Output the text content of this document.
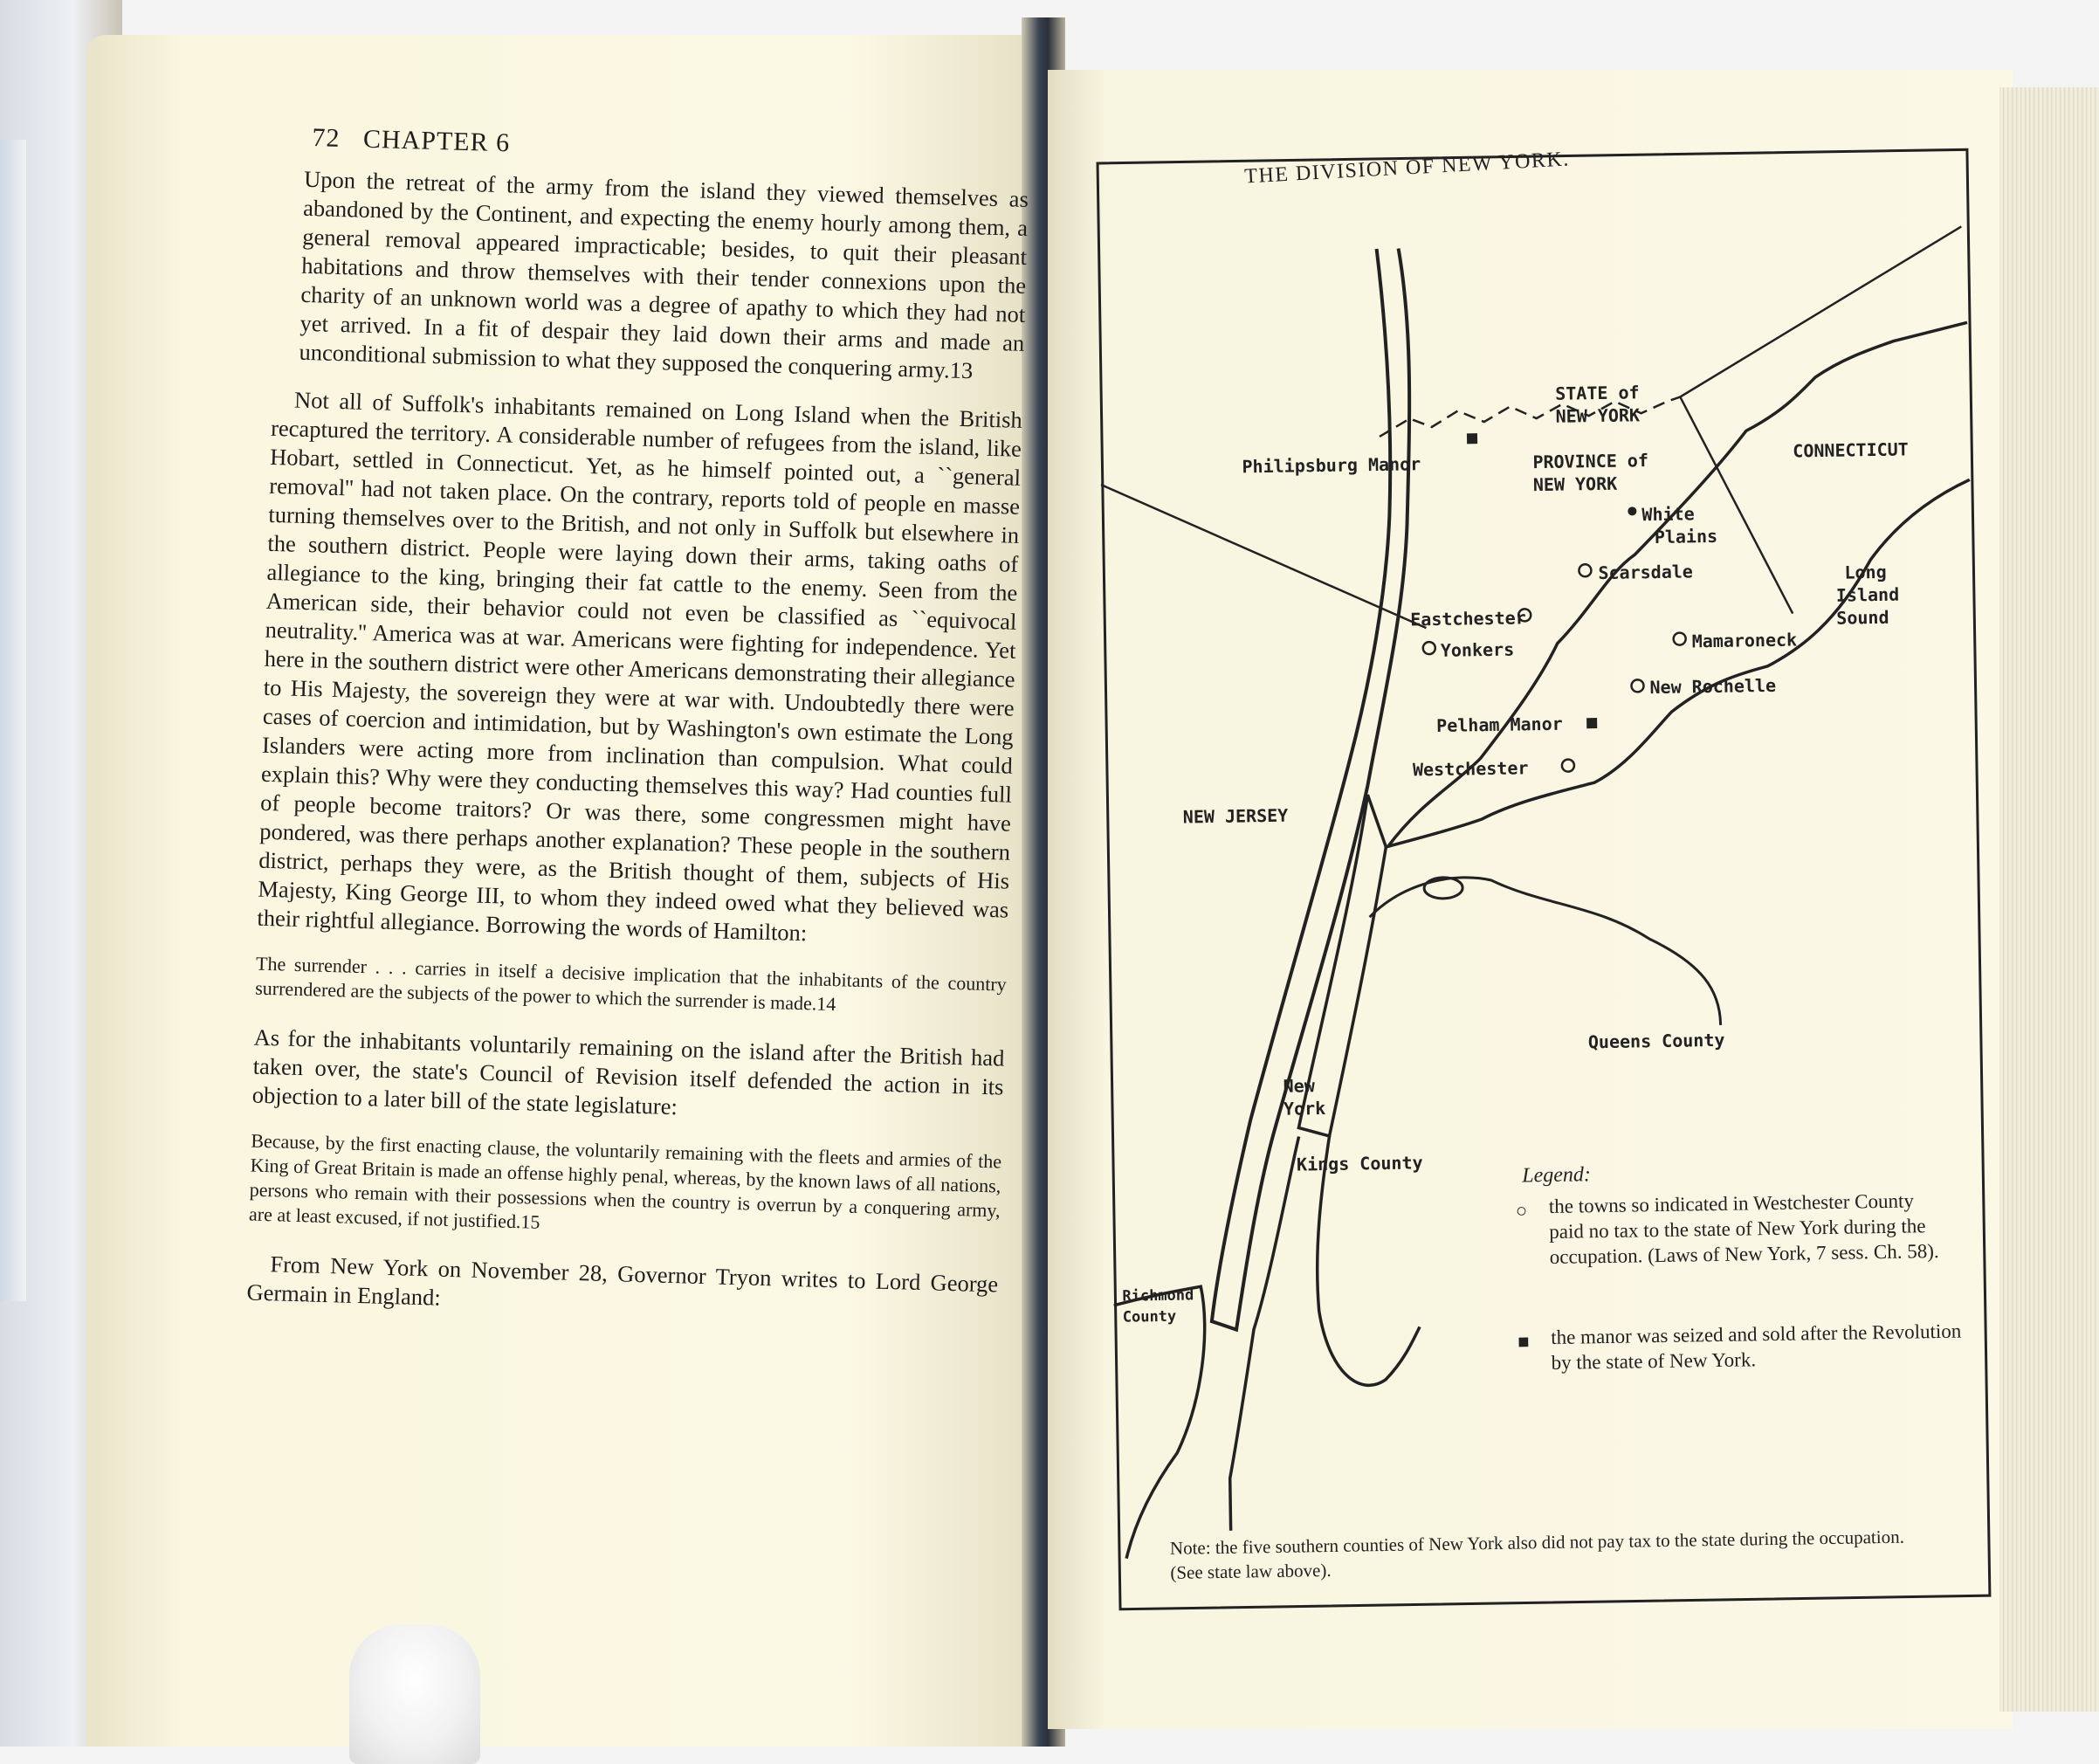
72 CHAPTER 6

Upon the retreat of the army from the island they viewed themselves as abandoned by the Continent, and expecting the enemy hourly among them, a general removal appeared impracticable; besides, to quit their pleasant habitations and throw themselves with their tender connexions upon the charity of an unknown world was a degree of apathy to which they had not yet arrived. In a fit of despair they laid down their arms and made an unconditional submission to what they supposed the conquering army.13

Not all of Suffolk's inhabitants remained on Long Island when the British recaptured the territory. A considerable number of refugees from the island, like Hobart, settled in Connecticut. Yet, as he himself pointed out, a ``general removal'' had not taken place. On the contrary, reports told of people en masse turning themselves over to the British, and not only in Suffolk but elsewhere in the southern district. People were laying down their arms, taking oaths of allegiance to the king, bringing their fat cattle to the enemy. Seen from the American side, their behavior could not even be classified as ``equivocal neutrality.'' America was at war. Americans were fighting for independence. Yet here in the southern district were other Americans demonstrating their allegiance to His Majesty, the sovereign they were at war with. Undoubtedly there were cases of coercion and intimidation, but by Washington's own estimate the Long Islanders were acting more from inclination than compulsion. What could explain this? Why were they conducting themselves this way? Had counties full of people become traitors? Or was there, some congressmen might have pondered, was there perhaps another explanation? These people in the southern district, perhaps they were, as the British thought of them, subjects of His Majesty, King George III, to whom they indeed owed what they believed was their rightful allegiance. Borrowing the words of Hamilton:

The surrender . . . carries in itself a decisive implication that the inhabitants of the country surrendered are the subjects of the power to which the surrender is made.14

As for the inhabitants voluntarily remaining on the island after the British had taken over, the state's Council of Revision itself defended the action in its objection to a later bill of the state legislature:

Because, by the first enacting clause, the voluntarily remaining with the fleets and armies of the King of Great Britain is made an offense highly penal, whereas, by the known laws of all nations, persons who remain with their possessions when the country is overrun by a conquering army, are at least excused, if not justified.15

From New York on November 28, Governor Tryon writes to Lord George Germain in England:

THE DIVISION OF NEW YORK.
STATE of
NEW YORK
PROVINCE of
NEW YORK
CONNECTICUT
Philipsburg Manor
White
Plains
Scarsdale	Long
Island
Sound
Eastchester
Yonkers	Mamaroneck
New Rochelle
Pelham Manor
Westchester
NEW JERSEY
New
York
Queens County
Kings County
Richmond
County
Legend:
○ the towns so indicated in Westchester County paid no tax to the state of New York during the occupation. (Laws of New York, 7 sess. Ch. 58).
■ the manor was seized and sold after the Revolution by the state of New York.
Note: the five southern counties of New York also did not pay tax to the state during the occupation. (See state law above).
